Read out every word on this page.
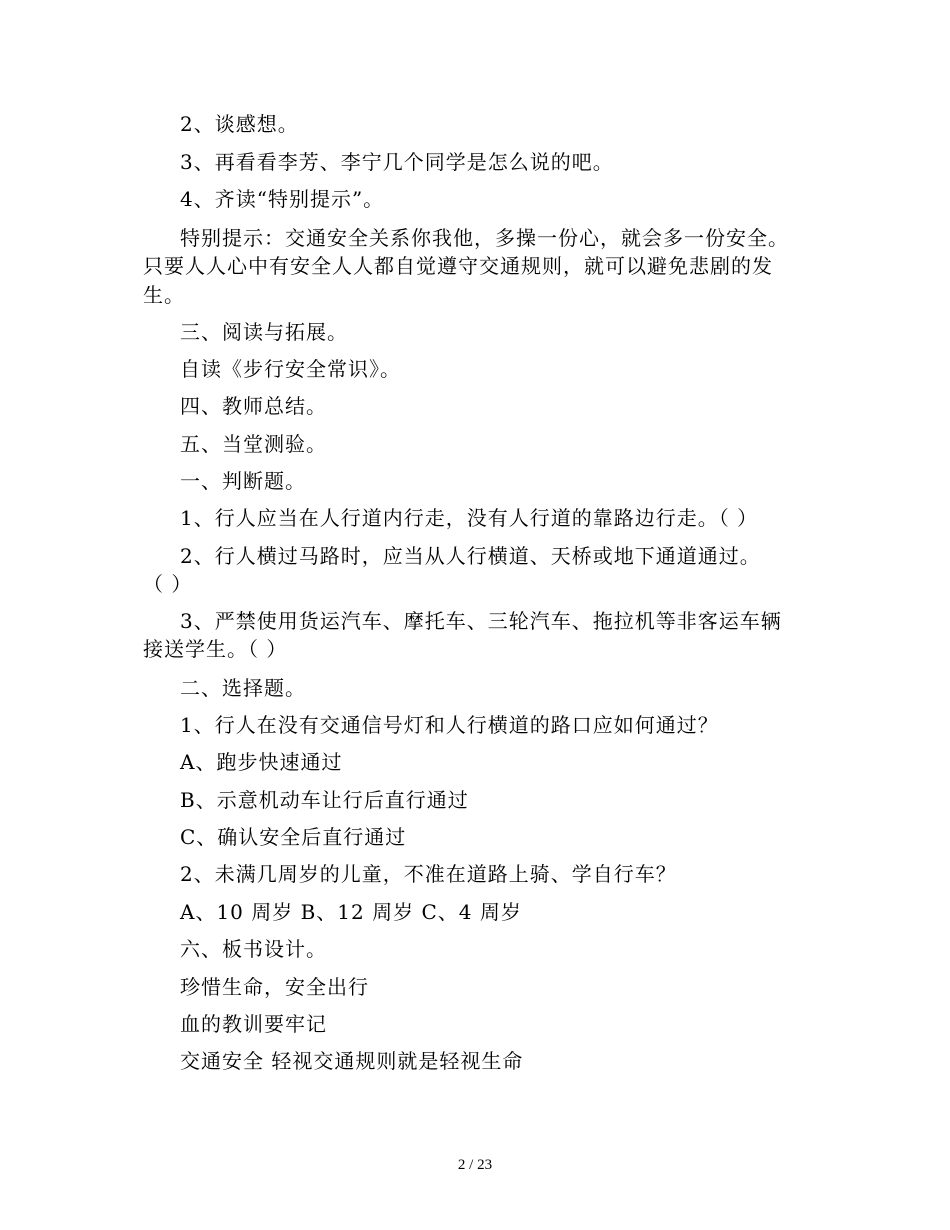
2、谈感想。
3、再看看李芳、李宁几个同学是怎么说的吧。
4、齐读“特别提示”。
特别提示：交通安全关系你我他，多操一份心，就会多一份安全。
只要人人心中有安全人人都自觉遵守交通规则，就可以避免悲剧的发
生。
三、阅读与拓展。
自读《步行安全常识》。
四、教师总结。
五、当堂测验。
一、判断题。
1、行人应当在人行道内行走，没有人行道的靠路边行走。（ ）
2、行人横过马路时，应当从人行横道、天桥或地下通道通过。
（ ）
3、严禁使用货运汽车、摩托车、三轮汽车、拖拉机等非客运车辆
接送学生。（ ）
二、选择题。
1、行人在没有交通信号灯和人行横道的路口应如何通过？
A、跑步快速通过
B、示意机动车让行后直行通过
C、确认安全后直行通过
2、未满几周岁的儿童，不准在道路上骑、学自行车？
A、10 周岁 B、12 周岁 C、4 周岁
六、板书设计。
珍惜生命，安全出行
血的教训要牢记
交通安全 轻视交通规则就是轻视生命
2 / 23
